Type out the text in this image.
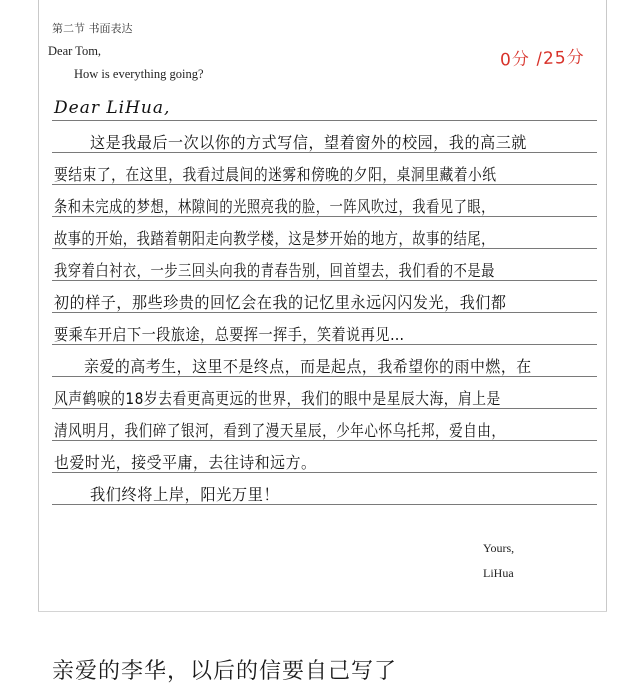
第二节 书面表达
Dear Tom,
How is everything going?
0分 /25分
Dear LiHua,
这是我最后一次以你的方式写信，望着窗外的校园，我的高三就
要结束了，在这里，我看过晨间的迷雾和傍晚的夕阳，桌洞里藏着小纸
条和未完成的梦想，林隙间的光照亮我的脸，一阵风吹过，我看见了眼，
故事的开始，我踏着朝阳走向教学楼，这是梦开始的地方，故事的结尾，
我穿着白衬衣，一步三回头向我的青春告别，回首望去，我们看的不是最
初的样子，那些珍贵的回忆会在我的记忆里永远闪闪发光，我们都
要乘车开启下一段旅途，总要挥一挥手，笑着说再见…
亲爱的高考生，这里不是终点，而是起点，我希望你的雨中燃，在
风声鹤唳的18岁去看更高更远的世界，我们的眼中是星辰大海，肩上是
清风明月，我们碎了银河，看到了漫天星辰，少年心怀乌托邦，爱自由，
也爱时光，接受平庸，去往诗和远方。
我们终将上岸，阳光万里！
Yours,
LiHua
亲爱的李华，以后的信要自己写了
